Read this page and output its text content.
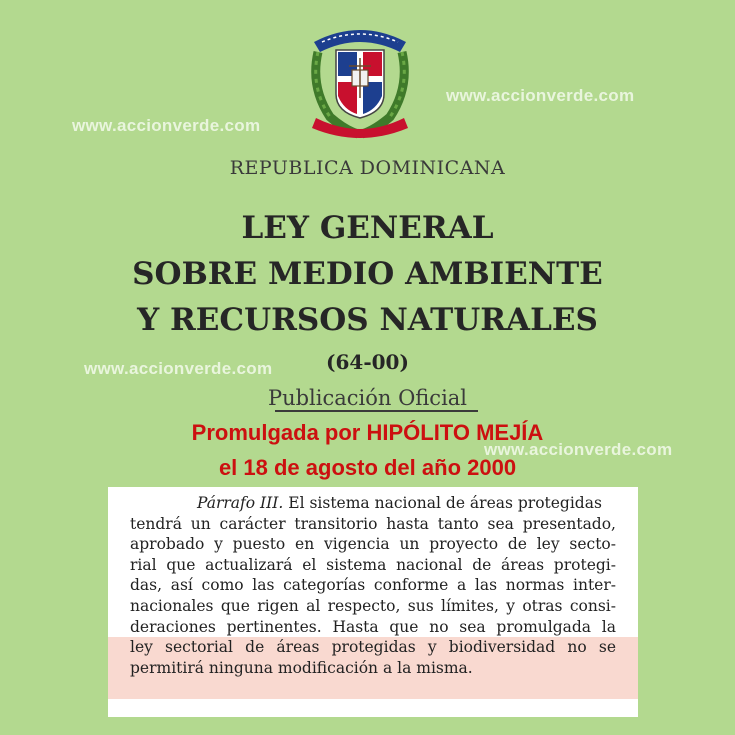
www.accionverde.com
www.accionverde.com
www.accionverde.com
www.accionverde.com
REPUBLICA DOMINICANA
LEY GENERAL
SOBRE MEDIO AMBIENTE
Y RECURSOS NATURALES
(64-00)
Publicación Oficial
Promulgada por HIPÓLITO MEJÍA
el 18 de agosto del año 2000
Párrafo III. El sistema nacional de áreas protegidas
tendrá un carácter transitorio hasta tanto sea presentado,
aprobado y puesto en vigencia un proyecto de ley sectо-
rial que actualizará el sistema nacional de áreas protegi-
das, así como las categorías conforme a las normas inter-
nacionales que rigen al respecto, sus límites, y otras consi-
deraciones pertinentes. Hasta que no sea promulgada la
ley sectorial de áreas protegidas y biodiversidad no se
permitirá ninguna modificación a la misma.
